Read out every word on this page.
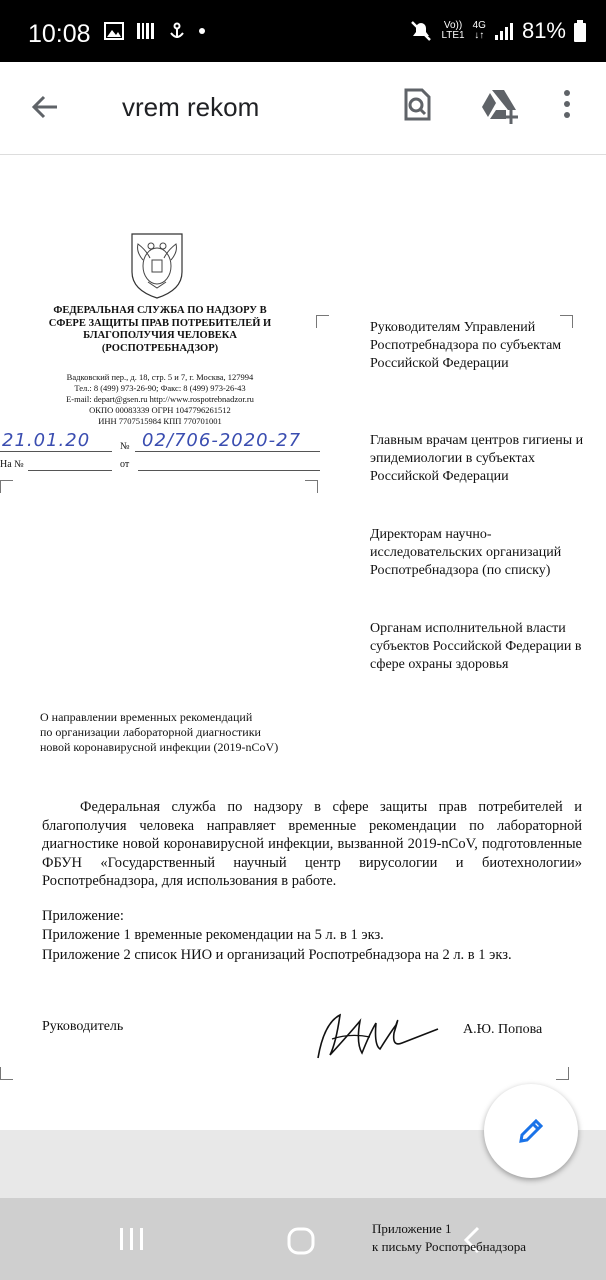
10:08	Vo))
LTE1
4G
↓↑ 81%
vrem rekom
ФЕДЕРАЛЬНАЯ СЛУЖБА ПО НАДЗОРУ В СФЕРЕ ЗАЩИТЫ ПРАВ ПОТРЕБИТЕЛЕЙ И БЛАГОПОЛУЧИЯ ЧЕЛОВЕКА (РОСПОТРЕБНАДЗОР)
Вадковский пер., д. 18, стр. 5 и 7, г. Москва, 127994
Тел.: 8 (499) 973-26-90; Факс: 8 (499) 973-26-43
E-mail: depart@gsen.ru http://www.rospotrebnadzor.ru
ОКПО 00083339 ОГРН 1047796261512
ИНН 7707515984 КПП 770701001
21.01.20	№ 02/706-2020-27
На №	от
Руководителям Управлений Роспотребнадзора по субъектам Российской Федерации
Главным врачам центров гигиены и эпидемиологии в субъектах Российской Федерации
Директорам научно-исследовательских организаций Роспотребнадзора (по списку)
Органам исполнительной власти субъектов Российской Федерации в сфере охраны здоровья
О направлении временных рекомендаций
по организации лабораторной диагностики
новой коронавирусной инфекции (2019-nCoV)
Федеральная служба по надзору в сфере защиты прав потребителей и благополучия человека направляет временные рекомендации по лабораторной диагностике новой коронавирусной инфекции, вызванной 2019-nCoV, подготовленные ФБУН «Государственный научный центр вирусологии и биотехнологии» Роспотребнадзора, для использования в работе.
Приложение:
Приложение 1 временные рекомендации на 5 л. в 1 экз.
Приложение 2 список НИО и организаций Роспотребнадзора на 2 л. в 1 экз.
Руководитель	А.Ю. Попова
Приложение 1
к письму Роспотребнадзора
